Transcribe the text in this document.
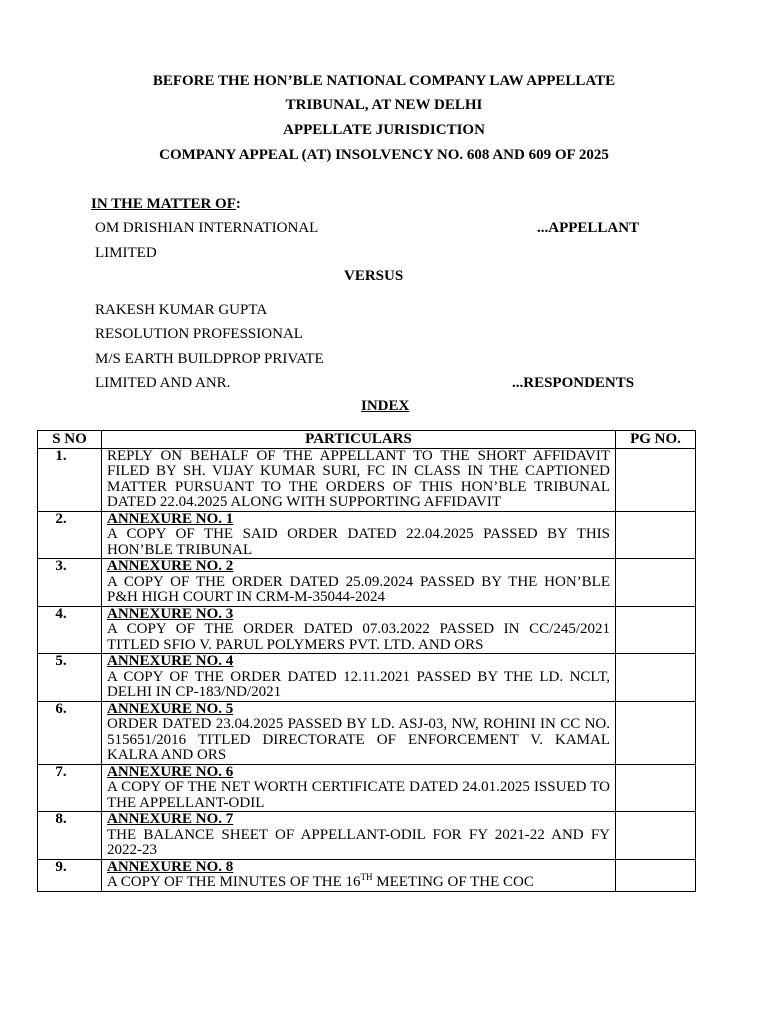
BEFORE THE HON’BLE NATIONAL COMPANY LAW APPELLATE
TRIBUNAL, AT NEW DELHI
APPELLATE JURISDICTION
COMPANY APPEAL (AT) INSOLVENCY NO. 608 AND 609 OF 2025
IN THE MATTER OF:
OM DRISHIAN INTERNATIONAL	...APPELLANT
LIMITED
VERSUS
RAKESH KUMAR GUPTA
RESOLUTION PROFESSIONAL
M/S EARTH BUILDPROP PRIVATE
LIMITED AND ANR.	...RESPONDENTS
INDEX
S NO	PARTICULARS	PG NO.
1.	REPLY ON BEHALF OF THE APPELLANT TO THE SHORT AFFIDAVIT FILED BY SH. VIJAY KUMAR SURI, FC IN CLASS IN THE CAPTIONED MATTER PURSUANT TO THE ORDERS OF THIS HON’BLE TRIBUNAL DATED 22.04.2025 ALONG WITH SUPPORTING AFFIDAVIT	

2.	ANNEXURE NO. 1
A COPY OF THE SAID ORDER DATED 22.04.2025 PASSED BY THIS HON’BLE TRIBUNAL	

3.	ANNEXURE NO. 2
A COPY OF THE ORDER DATED 25.09.2024 PASSED BY THE HON’BLE P&H HIGH COURT IN CRM-M-35044-2024	

4.	ANNEXURE NO. 3
A COPY OF THE ORDER DATED 07.03.2022 PASSED IN CC/245/2021 TITLED SFIO V. PARUL POLYMERS PVT. LTD. AND ORS	

5.	ANNEXURE NO. 4
A COPY OF THE ORDER DATED 12.11.2021 PASSED BY THE LD. NCLT, DELHI IN CP-183/ND/2021	

6.	ANNEXURE NO. 5
ORDER DATED 23.04.2025 PASSED BY LD. ASJ-03, NW, ROHINI IN CC NO. 515651/2016 TITLED DIRECTORATE OF ENFORCEMENT V. KAMAL KALRA AND ORS	

7.	ANNEXURE NO. 6
A COPY OF THE NET WORTH CERTIFICATE DATED 24.01.2025 ISSUED TO THE APPELLANT-ODIL	

8.	ANNEXURE NO. 7
THE BALANCE SHEET OF APPELLANT-ODIL FOR FY 2021-22 AND FY 2022-23	

9.	ANNEXURE NO. 8
A COPY OF THE MINUTES OF THE 16TH MEETING OF THE COC	
